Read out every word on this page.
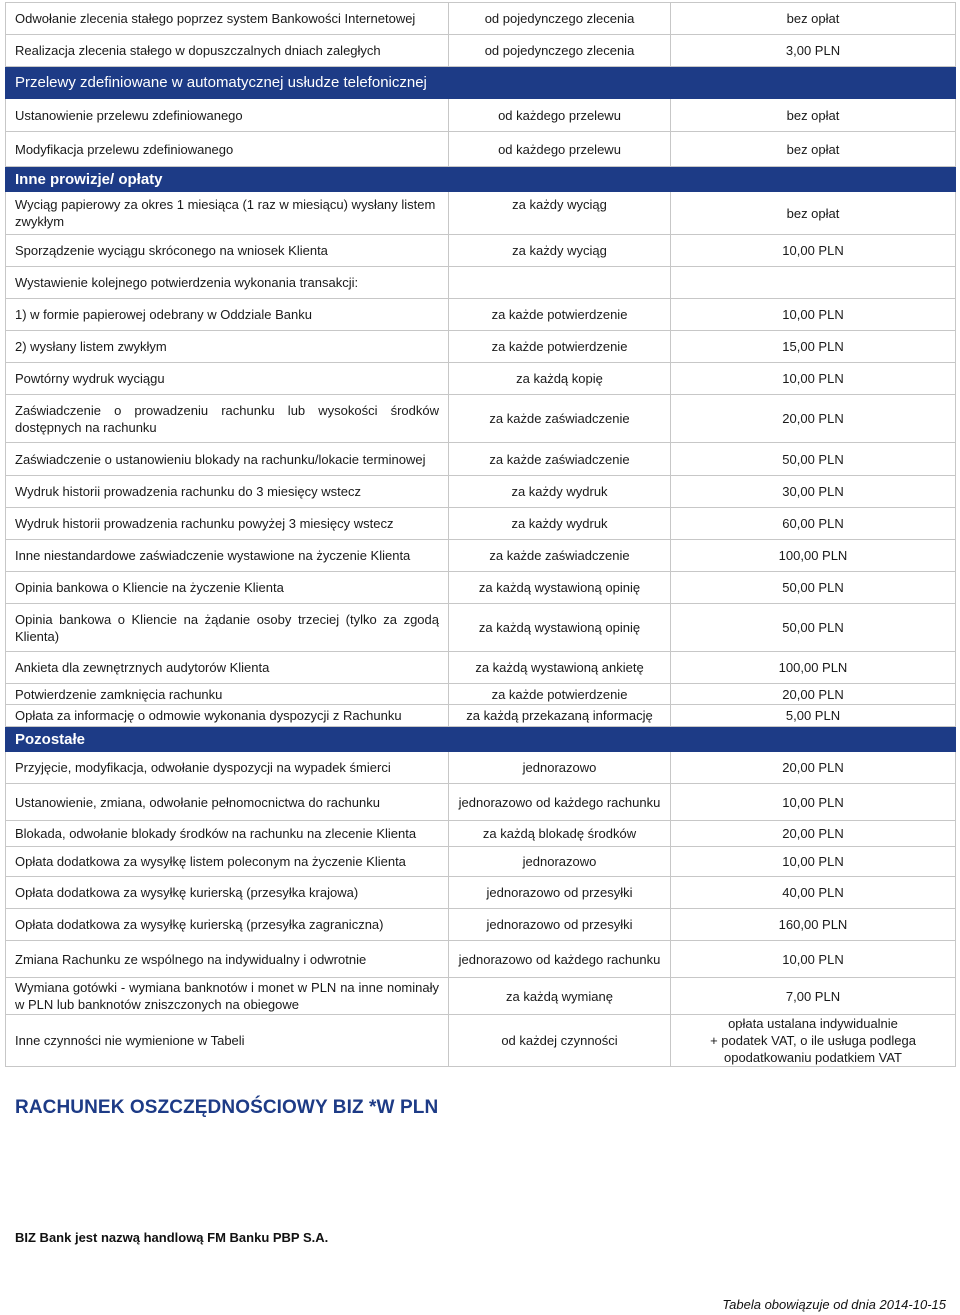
Odwołanie zlecenia stałego poprzez system Bankowości Internetowej	od pojedynczego zlecenia	bez opłat
Realizacja zlecenia stałego w dopuszczalnych dniach zaległych	od pojedynczego zlecenia	3,00 PLN
Przelewy zdefiniowane w automatycznej usłudze telefonicznej		
Ustanowienie przelewu zdefiniowanego	od każdego przelewu	bez opłat
Modyfikacja przelewu zdefiniowanego	od każdego przelewu	bez opłat
Inne prowizje/ opłaty		
Wyciąg papierowy za okres 1 miesiąca (1 raz w miesiącu) wysłany listem zwykłym	za każdy wyciąg	bez opłat
Sporządzenie wyciągu skróconego na wniosek Klienta	za każdy wyciąg	10,00 PLN
Wystawienie kolejnego potwierdzenia wykonania transakcji:		
1) w formie papierowej odebrany w Oddziale Banku	za każde potwierdzenie	10,00 PLN
2) wysłany listem zwykłym	za każde potwierdzenie	15,00 PLN
Powtórny wydruk wyciągu	za każdą kopię	10,00 PLN
Zaświadczenie o prowadzeniu rachunku lub wysokości środków dostępnych na rachunku	za każde zaświadczenie	20,00 PLN
Zaświadczenie o ustanowieniu blokady na rachunku/lokacie terminowej	za każde zaświadczenie	50,00 PLN
Wydruk historii prowadzenia rachunku do 3 miesięcy wstecz	za każdy wydruk	30,00 PLN
Wydruk historii prowadzenia rachunku powyżej 3 miesięcy wstecz	za każdy wydruk	60,00 PLN
Inne niestandardowe zaświadczenie wystawione na życzenie Klienta	za każde zaświadczenie	100,00 PLN
Opinia bankowa o Kliencie na życzenie Klienta	za każdą wystawioną opinię	50,00 PLN
Opinia bankowa o Kliencie na żądanie osoby trzeciej (tylko za zgodą Klienta)	za każdą wystawioną opinię	50,00 PLN
Ankieta dla zewnętrznych audytorów Klienta	za każdą wystawioną ankietę	100,00 PLN
Potwierdzenie zamknięcia rachunku	za każde potwierdzenie	20,00 PLN
Opłata za informację o odmowie wykonania dyspozycji z Rachunku	za każdą przekazaną informację	5,00 PLN
Pozostałe		
Przyjęcie, modyfikacja, odwołanie dyspozycji na wypadek śmierci	jednorazowo	20,00 PLN
Ustanowienie, zmiana, odwołanie pełnomocnictwa do rachunku	jednorazowo od każdego rachunku	10,00 PLN
Blokada, odwołanie blokady środków na rachunku na zlecenie Klienta	za każdą blokadę środków	20,00 PLN
Opłata dodatkowa za wysyłkę listem poleconym na życzenie Klienta	jednorazowo	10,00 PLN
Opłata dodatkowa za wysyłkę kurierską (przesyłka krajowa)	jednorazowo od przesyłki	40,00 PLN
Opłata dodatkowa za wysyłkę kurierską (przesyłka zagraniczna)	jednorazowo od przesyłki	160,00 PLN
Zmiana Rachunku ze wspólnego na indywidualny i odwrotnie	jednorazowo od każdego rachunku	10,00 PLN
Wymiana gotówki - wymiana banknotów i monet w PLN na inne nominały w PLN lub banknotów zniszczonych na obiegowe	za każdą wymianę	7,00 PLN
Inne czynności nie wymienione w Tabeli	od każdej czynności	opłata ustalana indywidualnie
+ podatek VAT, o ile usługa podlega opodatkowaniu podatkiem VAT
RACHUNEK OSZCZĘDNOŚCIOWY BIZ *W PLN
BIZ Bank jest nazwą handlową FM Banku PBP S.A.
Tabela obowiązuje od dnia 2014-10-15
